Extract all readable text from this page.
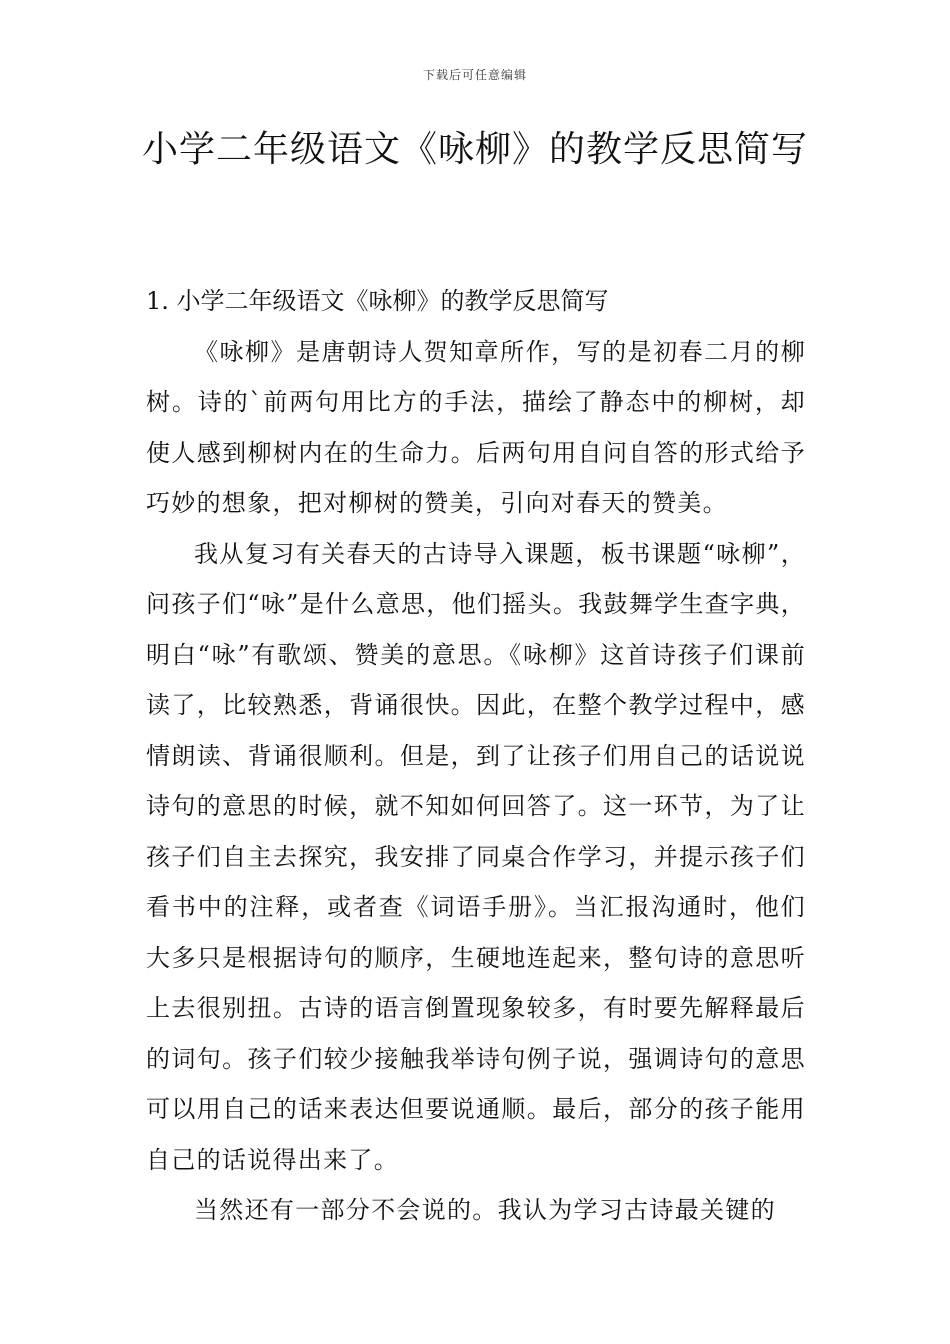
下载后可任意编辑
小学二年级语文《咏柳》的教学反思简写
1. 小学二年级语文《咏柳》的教学反思简写

《咏柳》是唐朝诗人贺知章所作，写的是初春二月的柳树。诗的`前两句用比方的手法，描绘了静态中的柳树，却使人感到柳树内在的生命力。后两句用自问自答的形式给予巧妙的想象，把对柳树的赞美，引向对春天的赞美。

我从复习有关春天的古诗导入课题，板书课题“咏柳”，问孩子们“咏”是什么意思，他们摇头。我鼓舞学生查字典，明白“咏”有歌颂、赞美的意思。《咏柳》这首诗孩子们课前读了，比较熟悉，背诵很快。因此，在整个教学过程中，感情朗读、背诵很顺利。但是，到了让孩子们用自己的话说说诗句的意思的时候，就不知如何回答了。这一环节，为了让孩子们自主去探究，我安排了同桌合作学习，并提示孩子们看书中的注释，或者查《词语手册》。当汇报沟通时，他们大多只是根据诗句的顺序，生硬地连起来，整句诗的意思听上去很别扭。古诗的语言倒置现象较多，有时要先解释最后的词句。孩子们较少接触我举诗句例子说，强调诗句的意思可以用自己的话来表达但要说通顺。最后，部分的孩子能用自己的话说得出来了。

当然还有一部分不会说的。我认为学习古诗最关键的
